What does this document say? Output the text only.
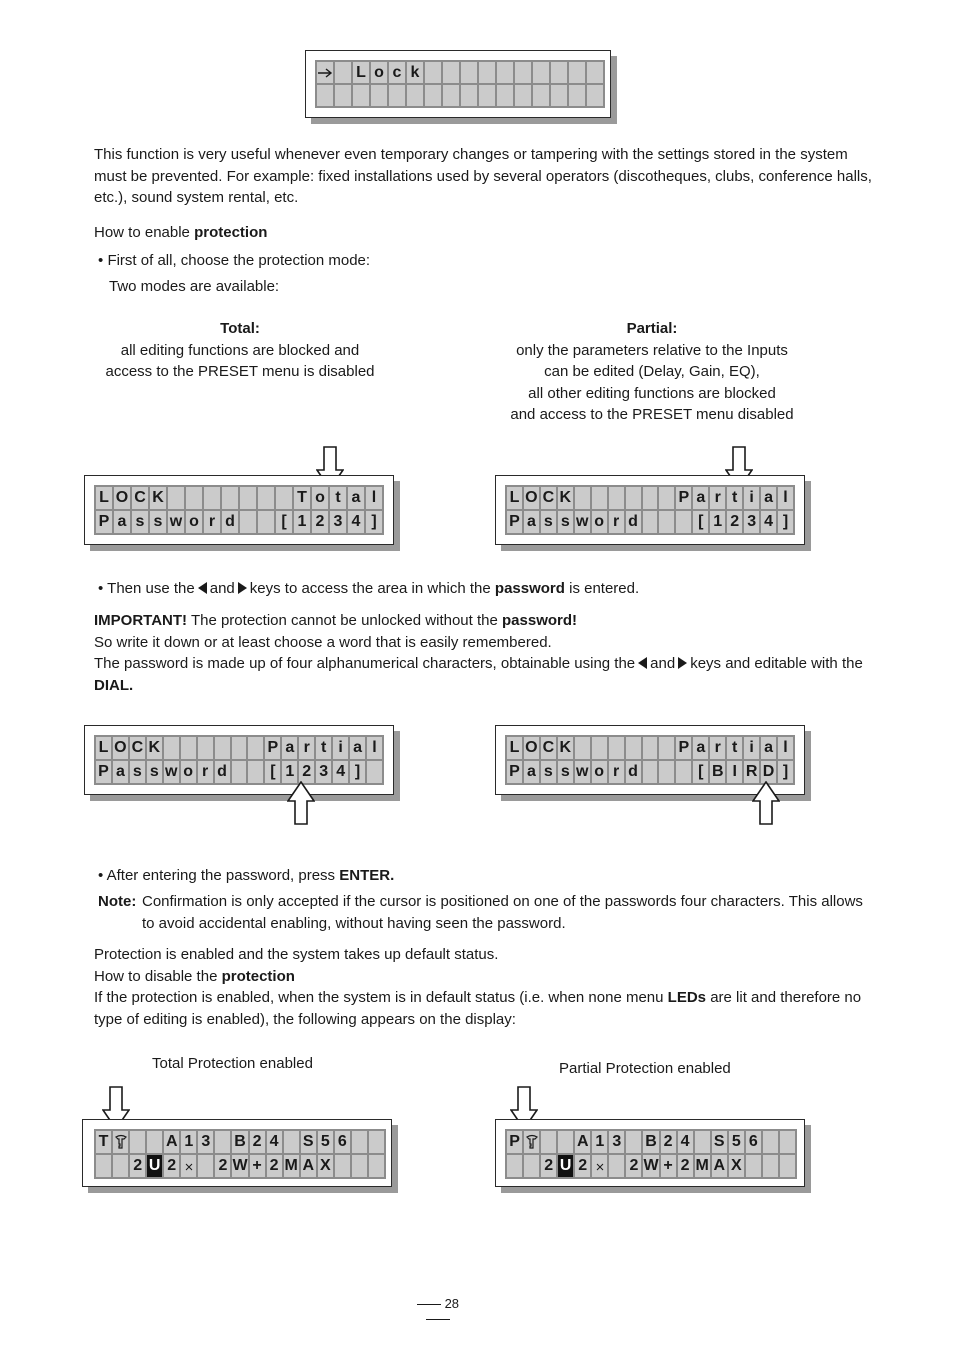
L o c k

This function is very useful whenever even temporary changes or tampering with the settings stored in the system must be prevented. For example: fixed installations used by several operators (discotheques, clubs, conference halls, etc.), sound system rental, etc.

How to enable protection

• First of all, choose the protection mode:

Two modes are available:

Total:

all editing functions are blocked and

access to the PRESET menu is disabled

Partial:

only the parameters relative to the Inputs

can be edited (Delay, Gain, EQ),

all other editing functions are blocked

and access to the PRESET menu disabled

L O C K	T o t a l
P a s s w o r d	[ 1 2 3 4 ]
L O C K	P a r t i a l
P a s s w o r d	[ 1 2 3 4 ]

• Then use the and keys to access the area in which the password is entered.

IMPORTANT! The protection cannot be unlocked without the password!

So write it down or at least choose a word that is easily remembered.

The password is made up of four alphanumerical characters, obtainable using the and keys and editable with the DIAL.

L O C K	P a r t i a l
P a s s w o r d	[ 1 2 3 4 ]
L O C K	P a r t i a l
P a s s w o r d	[ B I R D ]

• After entering the password, press ENTER.

Note: Confirmation is only accepted if the cursor is positioned on one of the passwords four characters. This allows to avoid accidental enabling, without having seen the password.

Protection is enabled and the system takes up default status.

How to disable the protection

If the protection is enabled, when the system is in default status (i.e. when none menu LEDs are lit and therefore no type of editing is enabled), the following appears on the display:

Total Protection enabled	Partial Protection enabled

T	A 1 3 B 2 4 S 5 6
2 U 2	2 W + 2 M A X
P	A 1 3 B 2 4 S 5 6
2 U 2	2 W + 2 M A X
28
